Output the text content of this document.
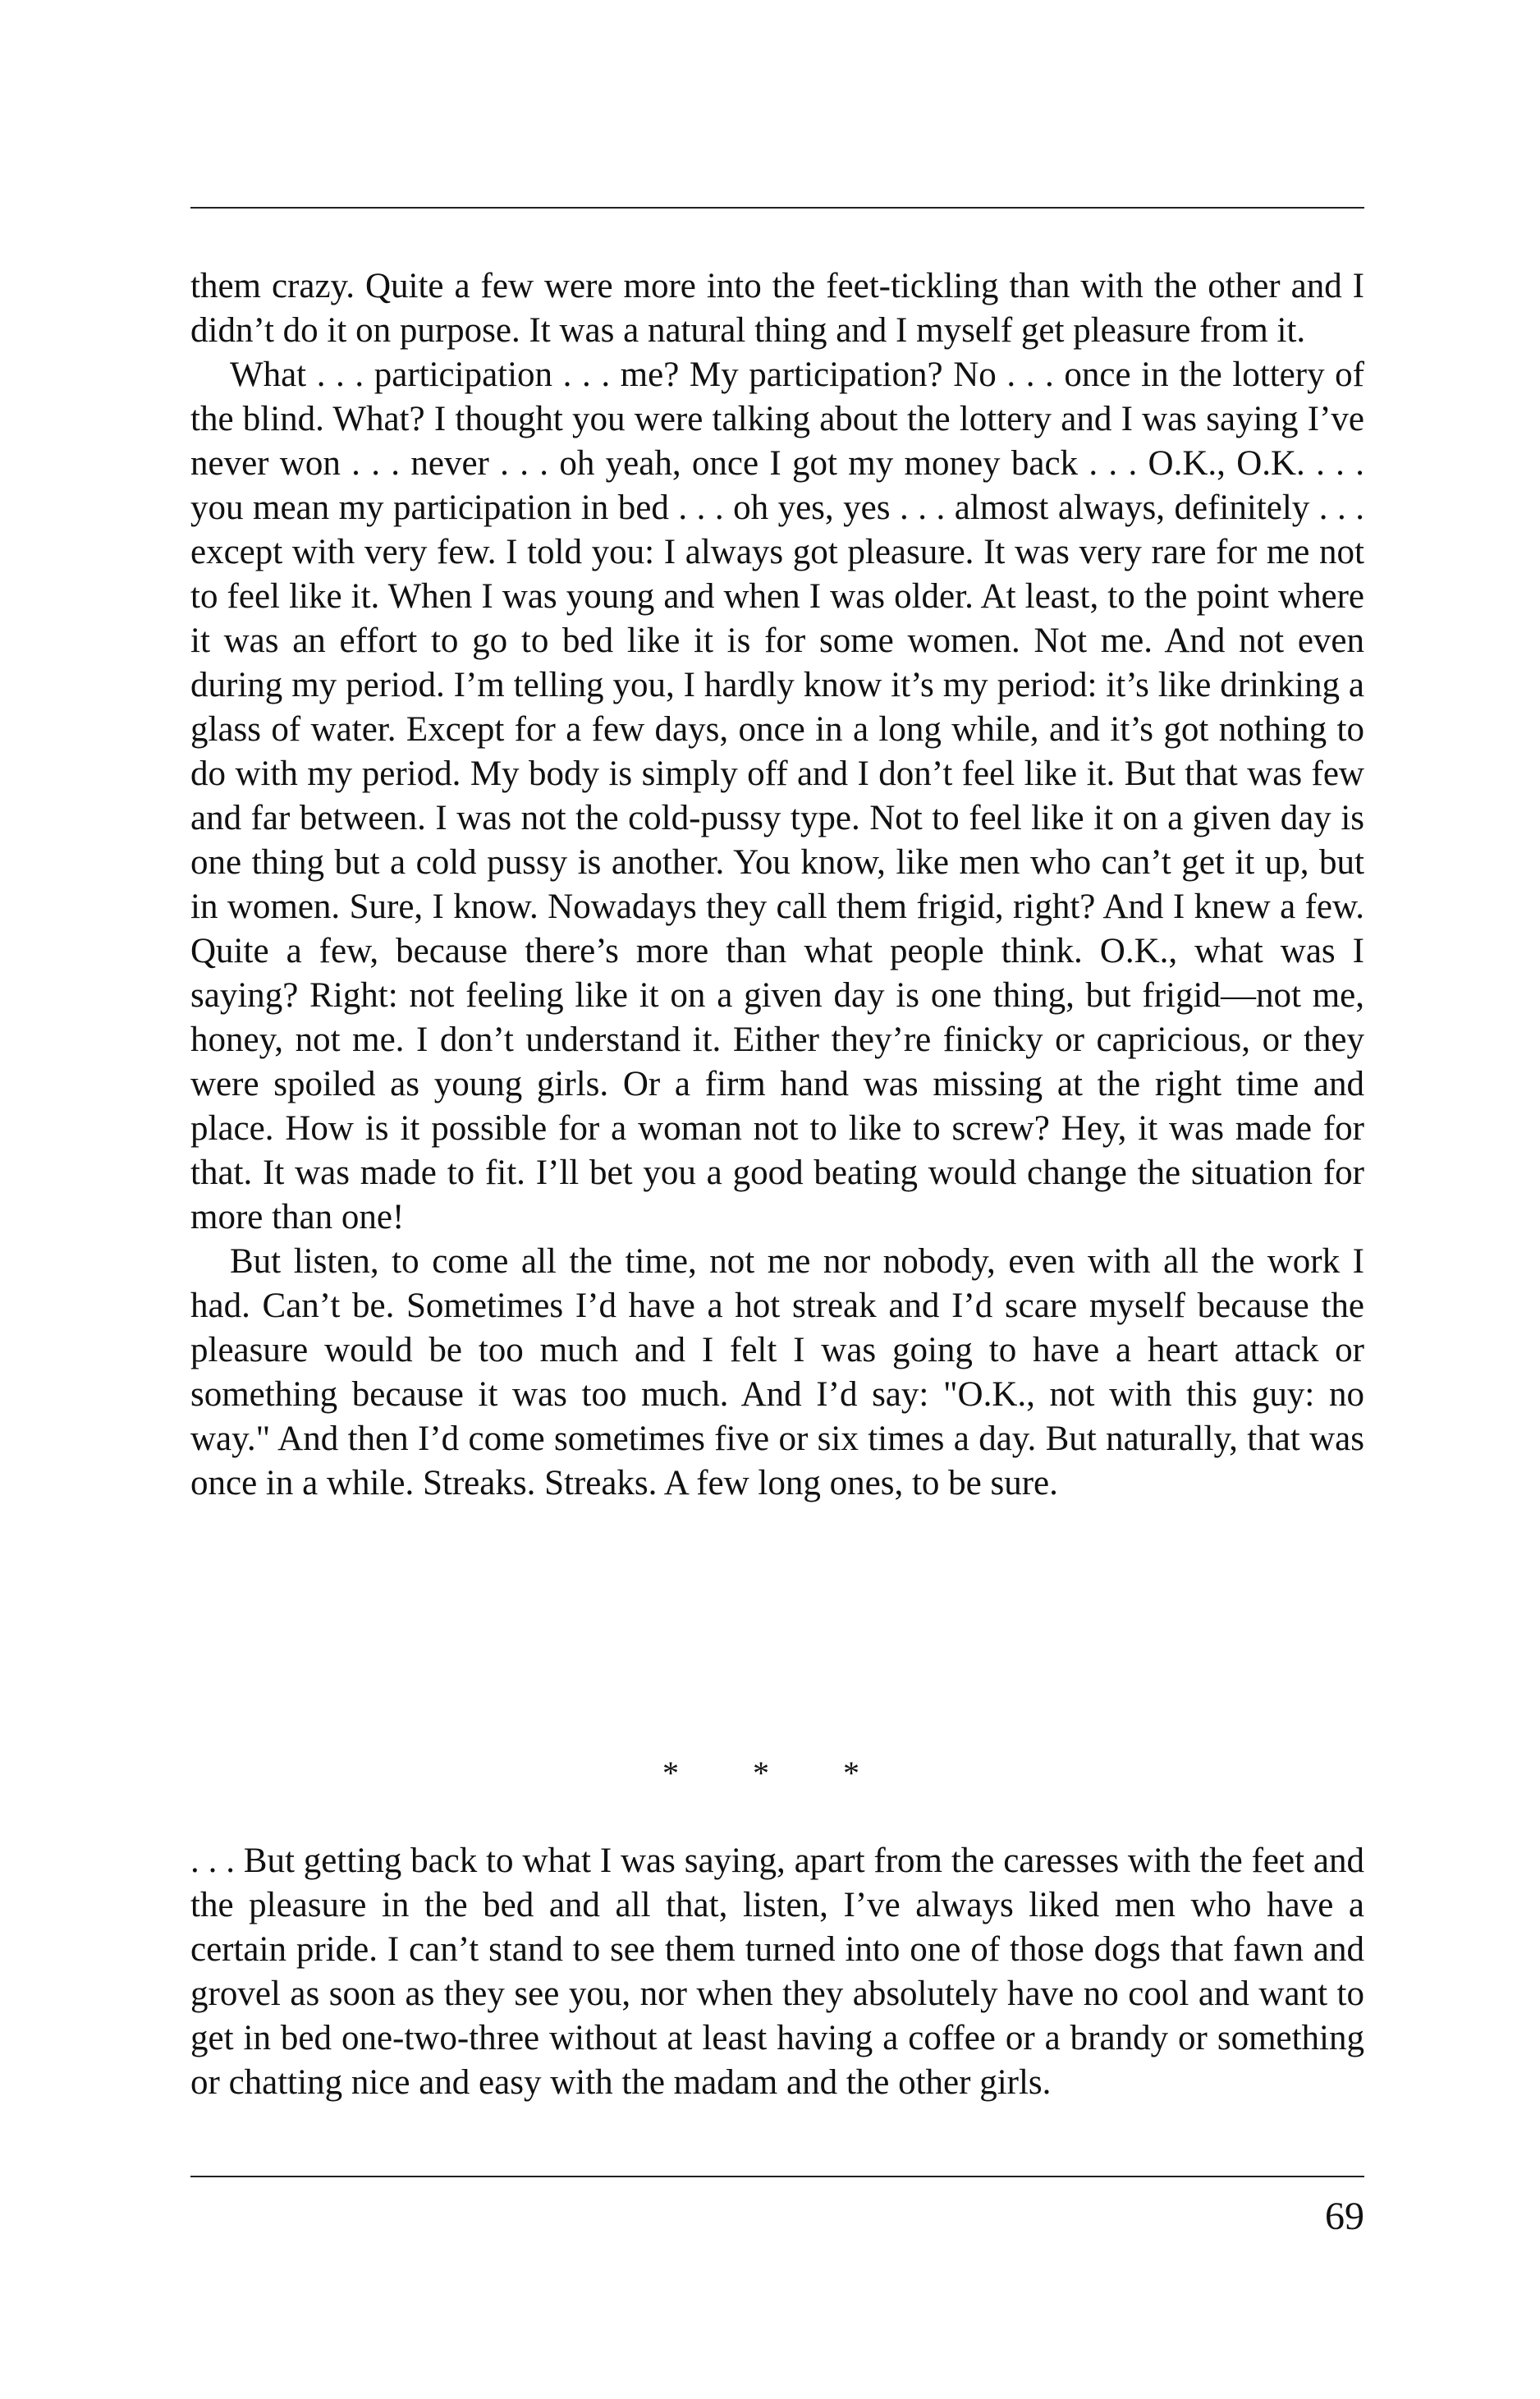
them crazy. Quite a few were more into the feet-tickling than with the other and I didn’t do it on purpose. It was a natural thing and I myself get pleasure from it.

What . . . participation . . . me? My participation? No . . . once in the lottery of the blind. What? I thought you were talking about the lottery and I was saying I’ve never won . . . never . . . oh yeah, once I got my money back . . . O.K., O.K. . . . you mean my participation in bed . . . oh yes, yes . . . almost always, definitely . . . except with very few. I told you: I always got pleasure. It was very rare for me not to feel like it. When I was young and when I was older. At least, to the point where it was an effort to go to bed like it is for some women. Not me. And not even during my period. I’m telling you, I hardly know it’s my period: it’s like drinking a glass of water. Except for a few days, once in a long while, and it’s got nothing to do with my period. My body is simply off and I don’t feel like it. But that was few and far between. I was not the cold-pussy type. Not to feel like it on a given day is one thing but a cold pussy is another. You know, like men who can’t get it up, but in women. Sure, I know. Nowadays they call them frigid, right? And I knew a few. Quite a few, because there’s more than what people think. O.K., what was I saying? Right: not feeling like it on a given day is one thing, but frigid—not me, honey, not me. I don’t understand it. Either they’re finicky or capricious, or they were spoiled as young girls. Or a firm hand was missing at the right time and place. How is it possible for a woman not to like to screw? Hey, it was made for that. It was made to fit. I’ll bet you a good beating would change the situation for more than one!

But listen, to come all the time, not me nor nobody, even with all the work I had. Can’t be. Sometimes I’d have a hot streak and I’d scare myself because the pleasure would be too much and I felt I was going to have a heart attack or something because it was too much. And I’d say: "O.K., not with this guy: no way." And then I’d come sometimes five or six times a day. But naturally, that was once in a while. Streaks. Streaks. A few long ones, to be sure.

* * *

. . . But getting back to what I was saying, apart from the caresses with the feet and the pleasure in the bed and all that, listen, I’ve always liked men who have a certain pride. I can’t stand to see them turned into one of those dogs that fawn and grovel as soon as they see you, nor when they absolutely have no cool and want to get in bed one-two-three without at least having a coffee or a brandy or something or chatting nice and easy with the madam and the other girls.

69
